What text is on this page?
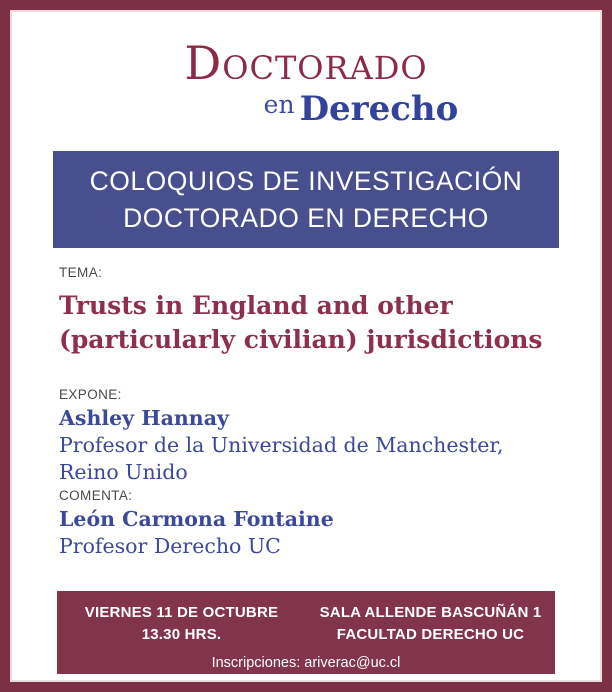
Doctorado
en Derecho
COLOQUIOS DE INVESTIGACIÓN
DOCTORADO EN DERECHO
TEMA:
Trusts in England and other
(particularly civilian) jurisdictions
EXPONE:
Ashley Hannay
Profesor de la Universidad de Manchester,
Reino Unido
COMENTA:
León Carmona Fontaine
Profesor Derecho UC
VIERNES 11 DE OCTUBRE
13.30 HRS.
SALA ALLENDE BASCUÑÁN 1
FACULTAD DERECHO UC
Inscripciones: ariverac@uc.cl
